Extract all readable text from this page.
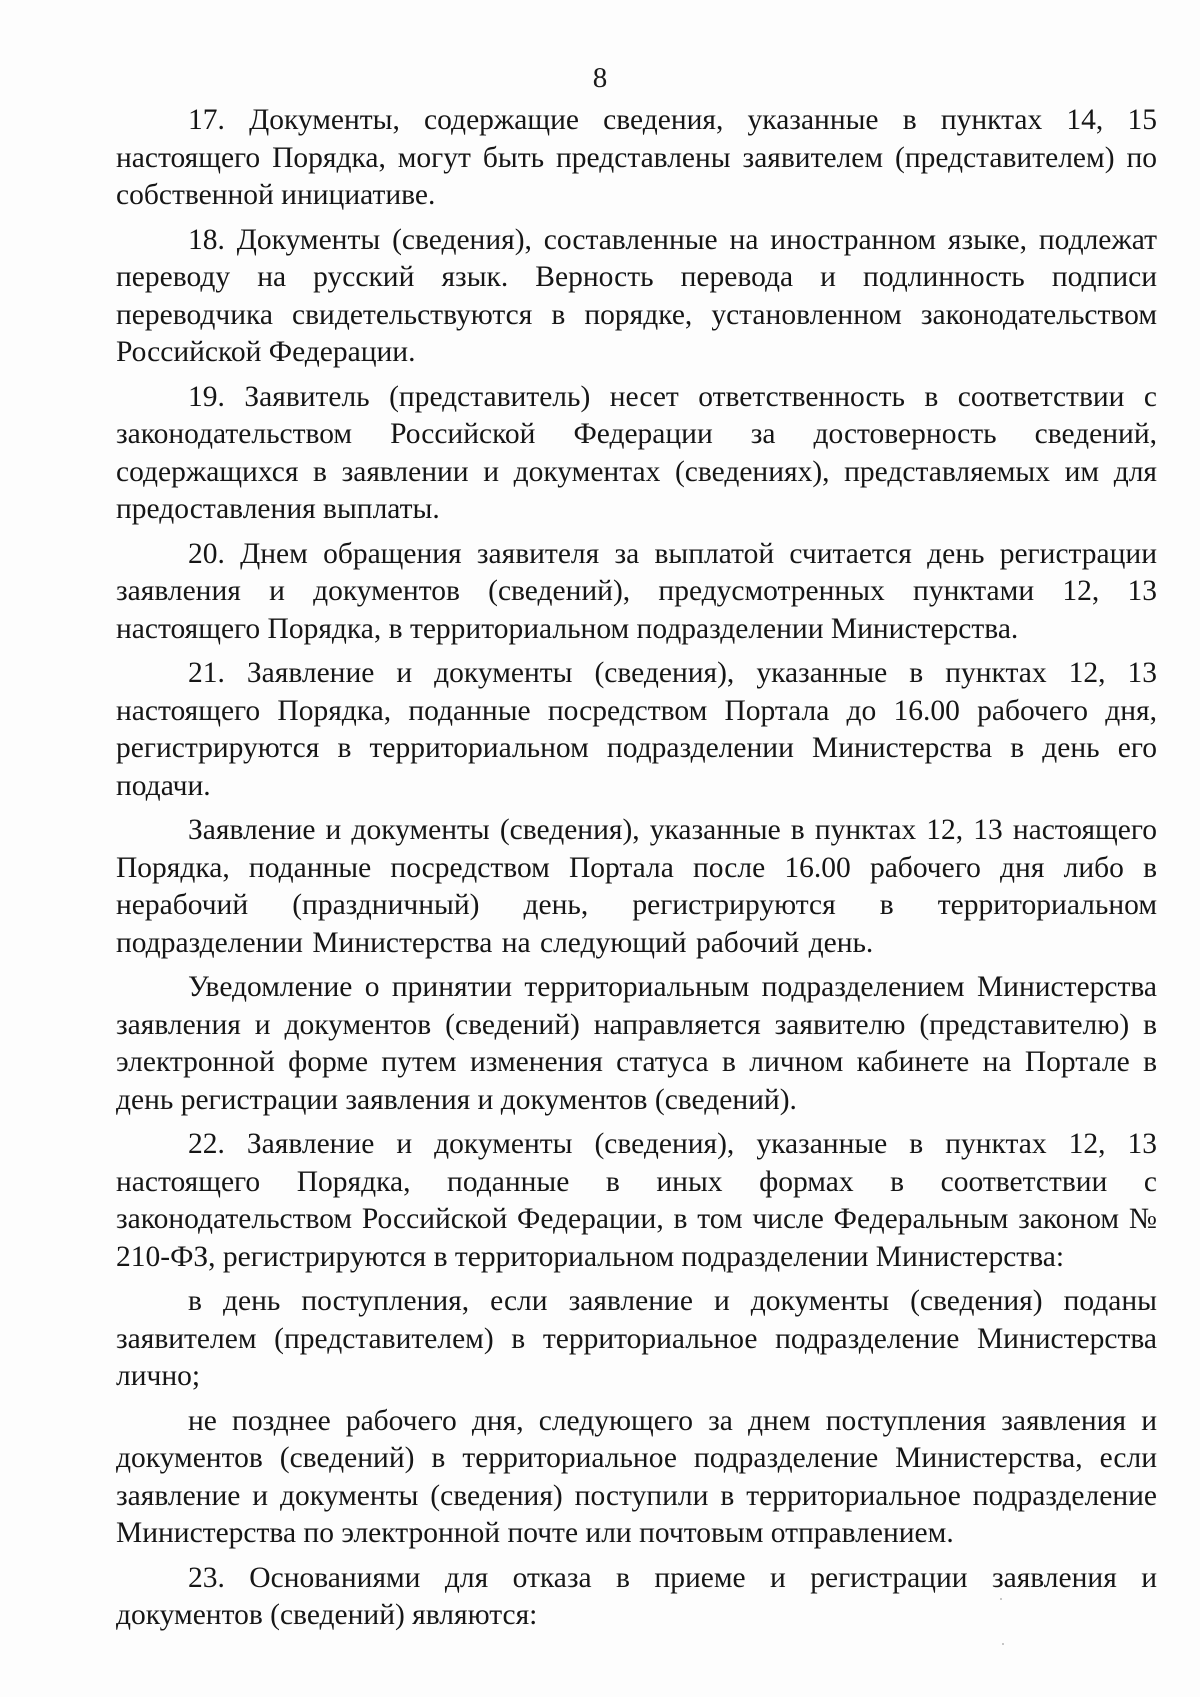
8

17. Документы, содержащие сведения, указанные в пунктах 14, 15 настоящего Порядка, могут быть представлены заявителем (представителем) по собственной инициативе.

18. Документы (сведения), составленные на иностранном языке, подлежат переводу на русский язык. Верность перевода и подлинность подписи переводчика свидетельствуются в порядке, установленном законодательством Российской Федерации.

19. Заявитель (представитель) несет ответственность в соответствии с законодательством Российской Федерации за достоверность сведений, содержащихся в заявлении и документах (сведениях), представляемых им для предоставления выплаты.

20. Днем обращения заявителя за выплатой считается день регистрации заявления и документов (сведений), предусмотренных пунктами 12, 13 настоящего Порядка, в территориальном подразделении Министерства.

21. Заявление и документы (сведения), указанные в пунктах 12, 13 настоящего Порядка, поданные посредством Портала до 16.00 рабочего дня, регистрируются в территориальном подразделении Министерства в день его подачи.

Заявление и документы (сведения), указанные в пунктах 12, 13 настоящего Порядка, поданные посредством Портала после 16.00 рабочего дня либо в нерабочий (праздничный) день, регистрируются в территориальном подразделении Министерства на следующий рабочий день.

Уведомление о принятии территориальным подразделением Министерства заявления и документов (сведений) направляется заявителю (представителю) в электронной форме путем изменения статуса в личном кабинете на Портале в день регистрации заявления и документов (сведений).

22. Заявление и документы (сведения), указанные в пунктах 12, 13 настоящего Порядка, поданные в иных формах в соответствии с законодательством Российской Федерации, в том числе Федеральным законом № 210-ФЗ, регистрируются в территориальном подразделении Министерства:

в день поступления, если заявление и документы (сведения) поданы заявителем (представителем) в территориальное подразделение Министерства лично;

не позднее рабочего дня, следующего за днем поступления заявления и документов (сведений) в территориальное подразделение Министерства, если заявление и документы (сведения) поступили в территориальное подразделение Министерства по электронной почте или почтовым отправлением.

23. Основаниями для отказа в приеме и регистрации заявления и документов (сведений) являются:
